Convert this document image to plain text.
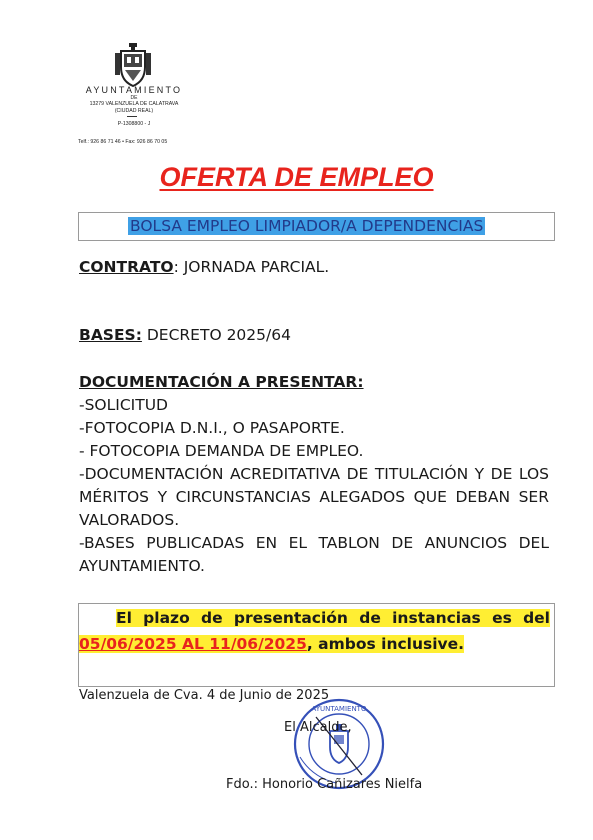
AYUNTAMIENTO
DE
13279 VALENZUELA DE CALATRAVA
(CIUDAD REAL)
P-1308800 - J
Telf.: 926 86 71 46 • Fax: 926 86 70 05
OFERTA DE EMPLEO
BOLSA EMPLEO LIMPIADOR/A DEPENDENCIAS
CONTRATO: JORNADA PARCIAL.
BASES: DECRETO 2025/64
DOCUMENTACIÓN A PRESENTAR:
-SOLICITUD
-FOTOCOPIA D.N.I., O PASAPORTE.
- FOTOCOPIA DEMANDA DE EMPLEO.
-DOCUMENTACIÓN ACREDITATIVA DE TITULACIÓN Y DE LOS
MÉRITOS Y CIRCUNSTANCIAS ALEGADOS QUE DEBAN SER
VALORADOS.
-BASES PUBLICADAS EN EL TABLON DE ANUNCIOS DEL
AYUNTAMIENTO.
El plazo de presentación de instancias es del
05/06/2025 AL 11/06/2025, ambos inclusive.
Valenzuela de Cva. 4 de Junio de 2025
AYUNTAMIENTO
El Alcalde,
Fdo.: Honorio Cañizares Nielfa
